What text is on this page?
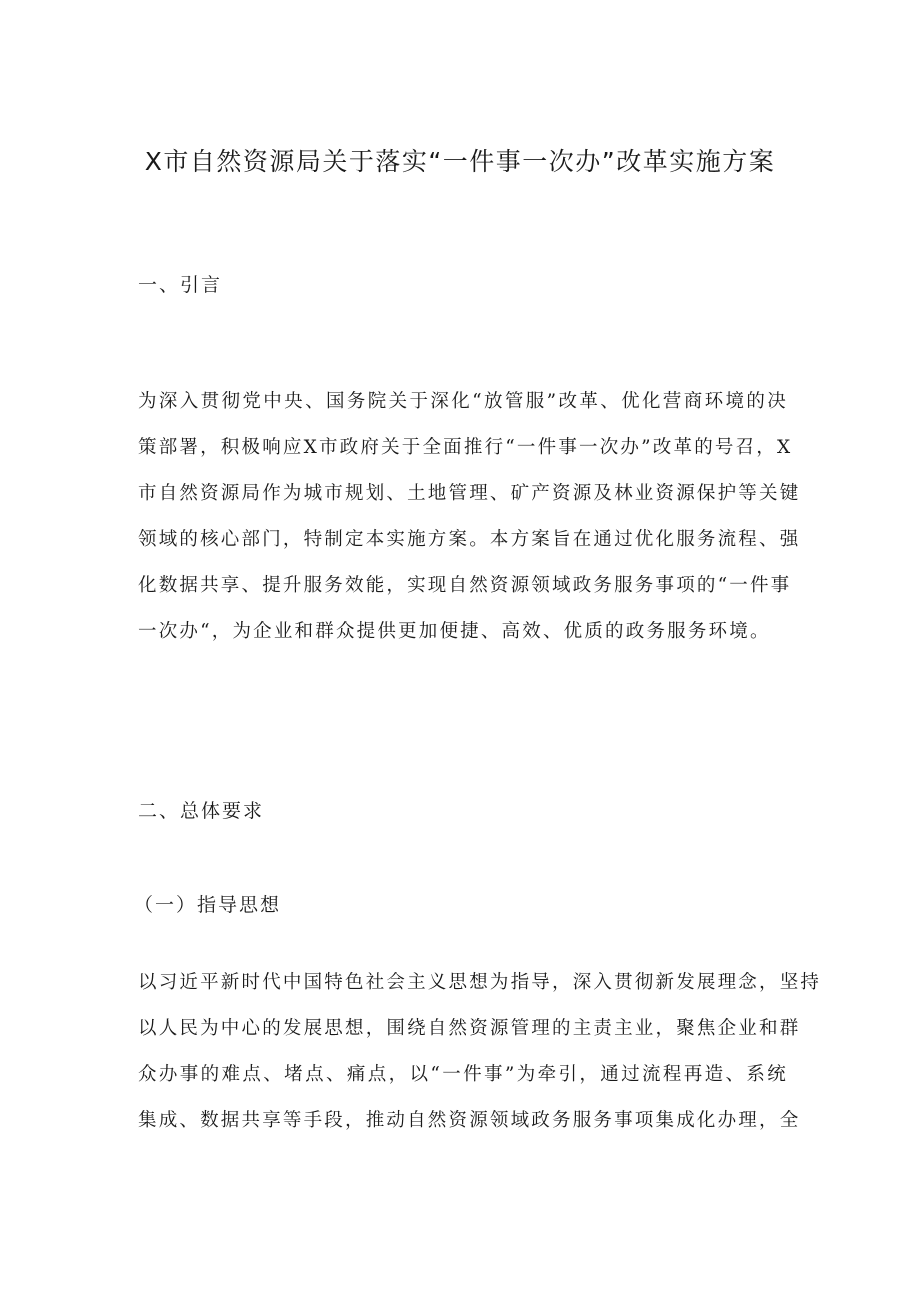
X市自然资源局关于落实“一件事一次办”改革实施方案
一、引言
为深入贯彻党中央、国务院关于深化“放管服”改革、优化营商环境的决
策部署，积极响应X市政府关于全面推行“一件事一次办”改革的号召，X
市自然资源局作为城市规划、土地管理、矿产资源及林业资源保护等关键
领域的核心部门，特制定本实施方案。本方案旨在通过优化服务流程、强
化数据共享、提升服务效能，实现自然资源领域政务服务事项的“一件事
一次办“，为企业和群众提供更加便捷、高效、优质的政务服务环境。
二、总体要求
（一）指导思想
以习近平新时代中国特色社会主义思想为指导，深入贯彻新发展理念，坚持
以人民为中心的发展思想，围绕自然资源管理的主责主业，聚焦企业和群
众办事的难点、堵点、痛点，以“一件事”为牵引，通过流程再造、系统
集成、数据共享等手段，推动自然资源领域政务服务事项集成化办理，全
